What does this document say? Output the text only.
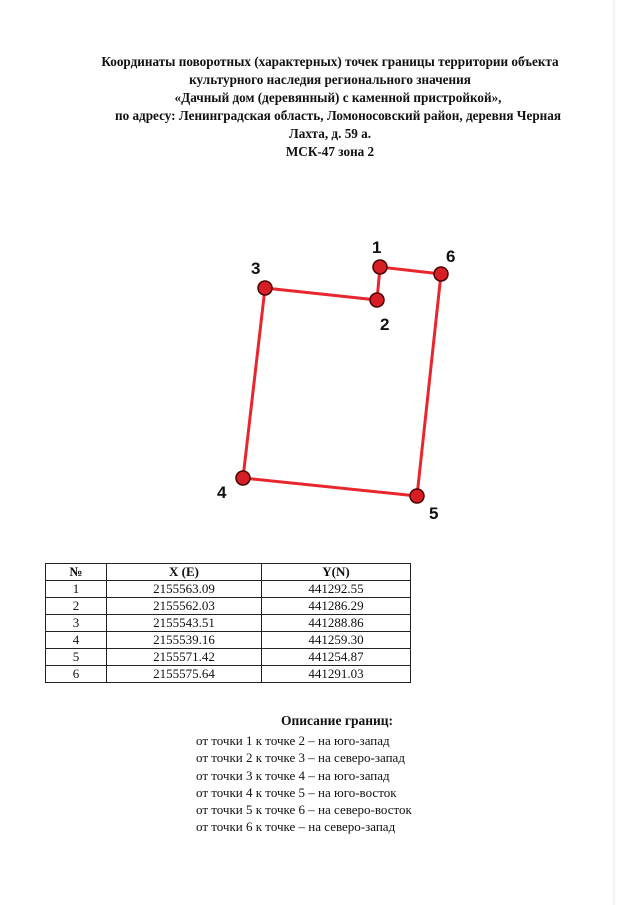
Координаты поворотных (характерных) точек границы территории объекта
культурного наследия регионального значения
«Дачный дом (деревянный) с каменной пристройкой»,
по адресу: Ленинградская область, Ломоносовский район, деревня Черная
Лахта, д. 59 а.
МСК-47 зона 2
1
2
3
4
5
6
№	X (E)	Y(N)
1	2155563.09	441292.55
2	2155562.03	441286.29
3	2155543.51	441288.86
4	2155539.16	441259.30
5	2155571.42	441254.87
6	2155575.64	441291.03
Описание границ:
от точки 1 к точке 2 – на юго-запад
от точки 2 к точке 3 – на северо-запад
от точки 3 к точке 4 – на юго-запад
от точки 4 к точке 5 – на юго-восток
от точки 5 к точке 6 – на северо-восток
от точки 6 к точке – на северо-запад
